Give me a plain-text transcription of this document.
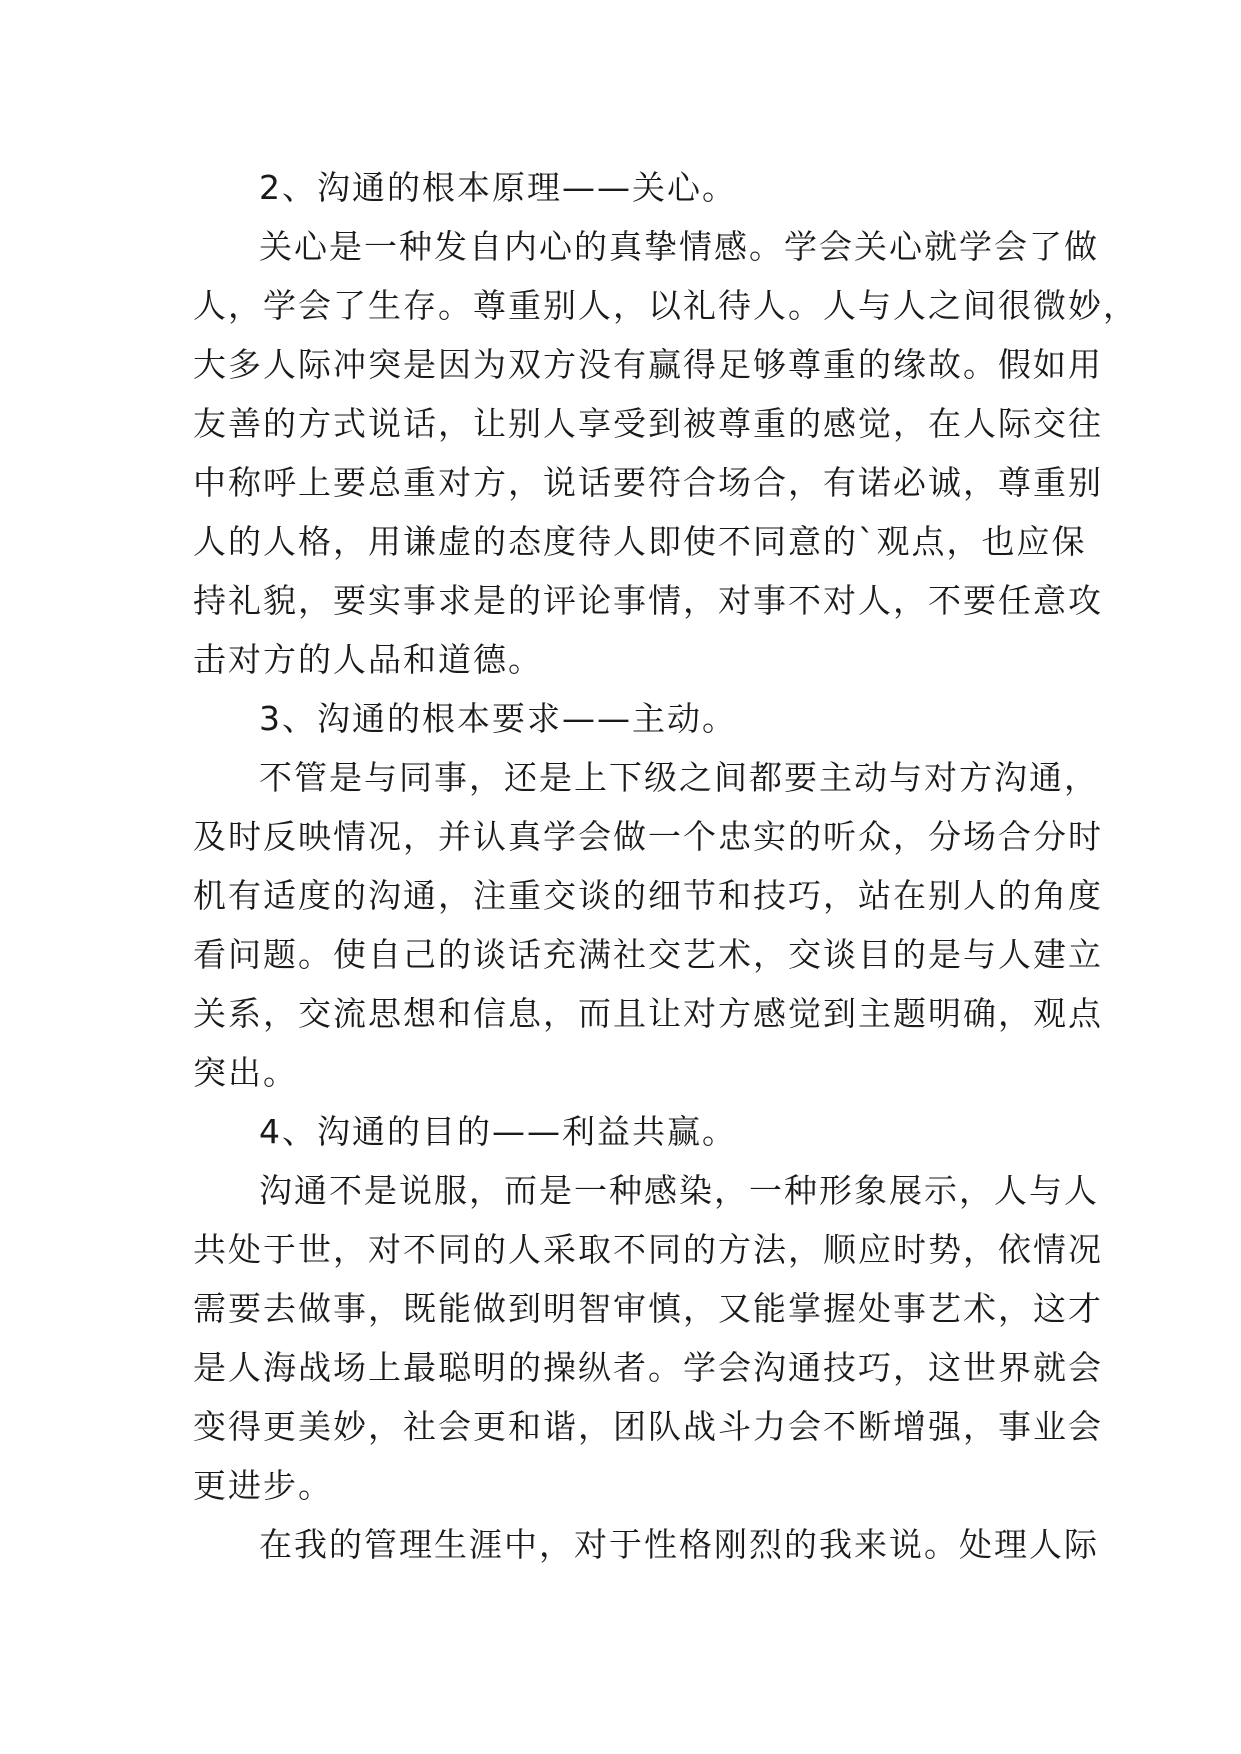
2、沟通的根本原理——关心。
关心是一种发自内心的真挚情感。学会关心就学会了做
人，学会了生存。尊重别人，以礼待人。人与人之间很微妙，
大多人际冲突是因为双方没有赢得足够尊重的缘故。假如用
友善的方式说话，让别人享受到被尊重的感觉，在人际交往
中称呼上要总重对方，说话要符合场合，有诺必诚，尊重别
人的人格，用谦虚的态度待人即使不同意的`观点，也应保
持礼貌，要实事求是的评论事情，对事不对人，不要任意攻
击对方的人品和道德。
3、沟通的根本要求——主动。
不管是与同事，还是上下级之间都要主动与对方沟通，
及时反映情况，并认真学会做一个忠实的听众，分场合分时
机有适度的沟通，注重交谈的细节和技巧，站在别人的角度
看问题。使自己的谈话充满社交艺术，交谈目的是与人建立
关系，交流思想和信息，而且让对方感觉到主题明确，观点
突出。
4、沟通的目的——利益共赢。
沟通不是说服，而是一种感染，一种形象展示，人与人
共处于世，对不同的人采取不同的方法，顺应时势，依情况
需要去做事，既能做到明智审慎，又能掌握处事艺术，这才
是人海战场上最聪明的操纵者。学会沟通技巧，这世界就会
变得更美妙，社会更和谐，团队战斗力会不断增强，事业会
更进步。
在我的管理生涯中，对于性格刚烈的我来说。处理人际
